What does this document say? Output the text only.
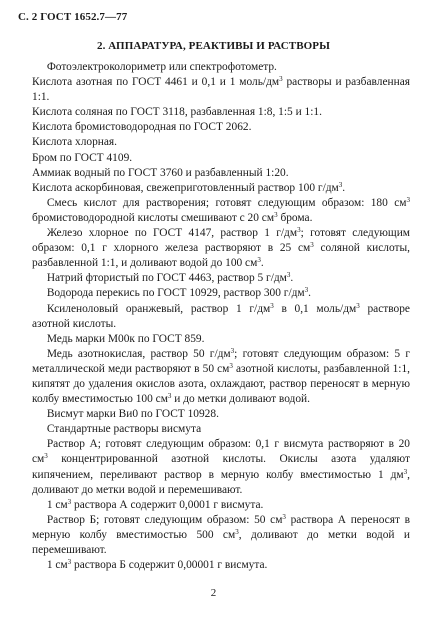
С. 2 ГОСТ 1652.7—77
2. АППАРАТУРА, РЕАКТИВЫ И РАСТВОРЫ

Фотоэлектроколориметр или спектрофотометр.

Кислота азотная по ГОСТ 4461 и 0,1 и 1 моль/$дм^3$ растворы и разбавленная 1:1.

Кислота соляная по ГОСТ 3118, разбавленная 1:8, 1:5 и 1:1.

Кислота бромистоводородная по ГОСТ 2062.

Кислота хлорная.

Бром по ГОСТ 4109.

Аммиак водный по ГОСТ 3760 и разбавленный 1:20.

Кислота аскорбиновая, свежеприготовленный раствор 100 $г/дм^3$.

Смесь кислот для растворения; готовят следующим образом: 180 $см^3$ бромистоводородной кислоты смешивают с 20 $см^3$ брома.

Железо хлорное по ГОСТ 4147, раствор 1 $г/дм^3$; готовят следующим образом: 0,1 г хлорного железа растворяют в 25 $см^3$ соляной кислоты, разбавленной 1:1, и доливают водой до 100 $см^3$.

Натрий фтористый по ГОСТ 4463, раствор 5 $г/дм^3$.

Водорода перекись по ГОСТ 10929, раствор 300 $г/дм^3$.

Ксиленоловый оранжевый, раствор 1 $г/дм^3$ в 0,1 моль/$дм^3$ растворе азотной кислоты.

Медь марки М00к по ГОСТ 859.

Медь азотнокислая, раствор 50 $г/дм^3$; готовят следующим образом: 5 г металлической меди растворяют в 50 $см^3$ азотной кислоты, разбавленной 1:1, кипятят до удаления окислов азота, охлаждают, раствор переносят в мерную колбу вместимостью 100 $см^3$ и до метки доливают водой.

Висмут марки Ви0 по ГОСТ 10928.

Стандартные растворы висмута

Раствор А; готовят следующим образом: 0,1 г висмута растворяют в 20 $см^3$ концентрированной азотной кислоты. Окислы азота удаляют кипячением, переливают раствор в мерную колбу вместимостью 1 $дм^3$, доливают до метки водой и перемешивают.

1 $см^3$ раствора А содержит 0,0001 г висмута.

Раствор Б; готовят следующим образом: 50 $см^3$ раствора А переносят в мерную колбу вместимостью 500 $см^3$, доливают до метки водой и перемешивают.

1 $см^3$ раствора Б содержит 0,00001 г висмута.

2
